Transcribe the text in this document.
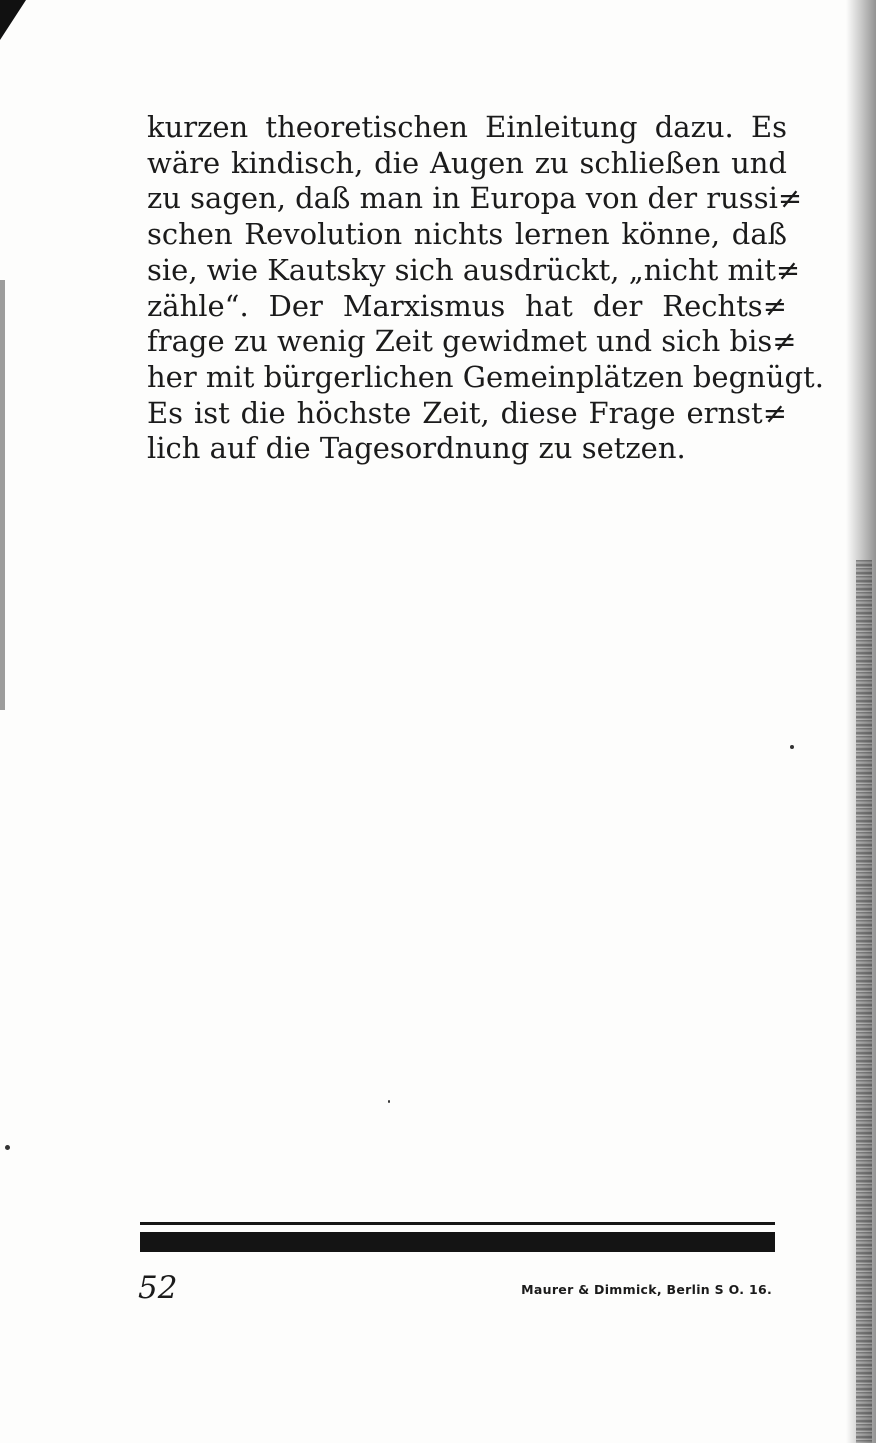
kurzen theoretischen Einleitung dazu. Es
wäre kindisch, die Augen zu schließen und
zu sagen, daß man in Europa von der russi≠
schen Revolution nichts lernen könne, daß
sie, wie Kautsky sich ausdrückt, „nicht mit≠
zähle“. Der Marxismus hat der Rechts≠
frage zu wenig Zeit gewidmet und sich bis≠
her mit bürgerlichen Gemeinplätzen begnügt.
Es ist die höchste Zeit, diese Frage ernst≠
lich auf die Tagesordnung zu setzen.

52	Maurer & Dimmick, Berlin S O. 16.
